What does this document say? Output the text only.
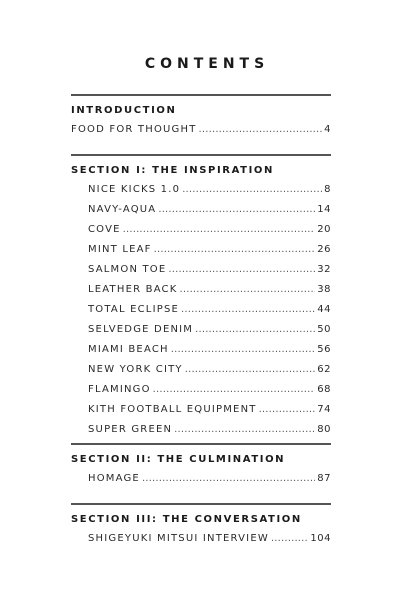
CONTENTS
INTRODUCTION
FOOD FOR THOUGHT . . .	4
SECTION I: THE INSPIRATION
NICE KICKS 1.0 . . .	8
NAVY-AQUA . . .	14
COVE . . .	20
MINT LEAF . . .	26
SALMON TOE . . .	32
LEATHER BACK . . .	38
TOTAL ECLIPSE . . .	44
SELVEDGE DENIM . . .	50
MIAMI BEACH . . .	56
NEW YORK CITY . . .	62
FLAMINGO . . .	68
KITH FOOTBALL EQUIPMENT . . .	74
SUPER GREEN . . .	80
SECTION II: THE CULMINATION
HOMAGE . . .	87
SECTION III: THE CONVERSATION
SHIGEYUKI MITSUI INTERVIEW . . .	104
